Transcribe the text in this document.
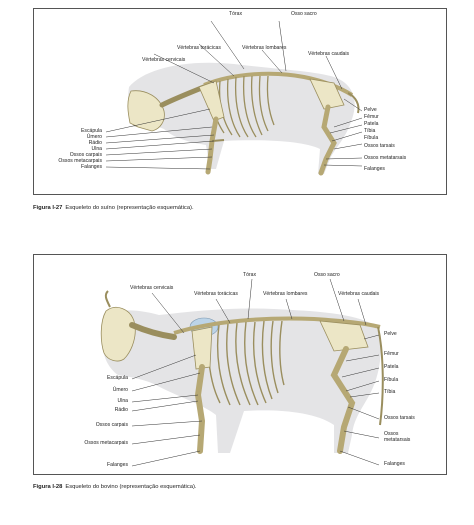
Tórax	Osso sacro
Vértebras torácicas	Vértebras lombares
Vértebras caudais
Vértebras cervicais
Pelve
Fêmur
Patela
Tíbia
Fíbula
Ossos tarsais
Ossos metatarsais
Falanges
Escápula
Úmero
Rádio
Ulna
Ossos carpais
Ossos metacarpais
Falanges
Figura I-27 Esqueleto do suíno (representação esquemática).
Tórax	Osso sacro
Vértebras cervicais
Vértebras torácicas	Vértebras lombares	Vértebras caudais
Pelve
Fêmur
Patela
Fíbula
Tíbia
Ossos tarsais
Ossos metatarsais
Falanges
Escápula
Úmero
Ulna
Rádio
Ossos carpais
Ossos metacarpais
Falanges
Figura I-28 Esqueleto do bovino (representação esquemática).
